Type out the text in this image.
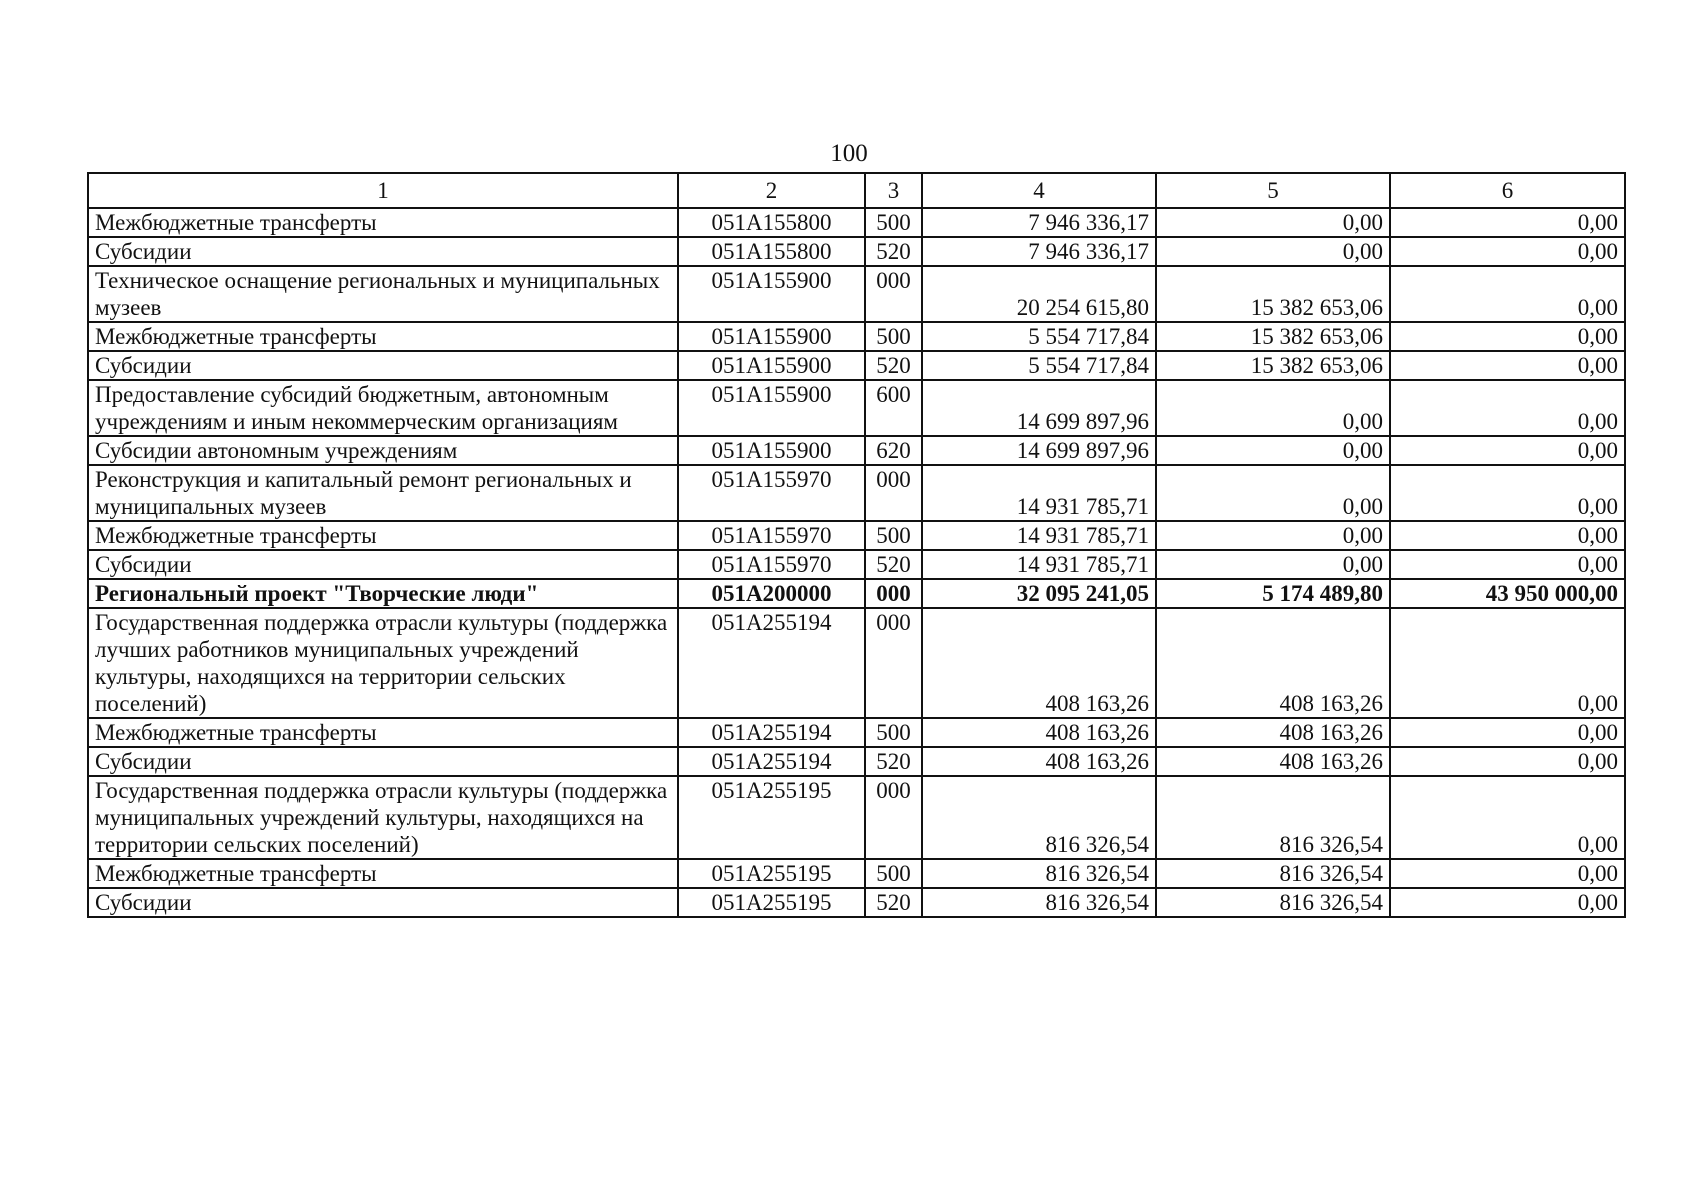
100
1	2	3	4	5	6
Межбюджетные трансферты	051A155800	500	7 946 336,17	0,00	0,00
Субсидии	051A155800	520	7 946 336,17	0,00	0,00
Техническое оснащение региональных и муниципальных музеев	051A155900	000	20 254 615,80	15 382 653,06	0,00
Межбюджетные трансферты	051A155900	500	5 554 717,84	15 382 653,06	0,00
Субсидии	051A155900	520	5 554 717,84	15 382 653,06	0,00
Предоставление субсидий бюджетным, автономным учреждениям и иным некоммерческим организациям	051A155900	600	14 699 897,96	0,00	0,00
Субсидии автономным учреждениям	051A155900	620	14 699 897,96	0,00	0,00
Реконструкция и капитальный ремонт региональных и муниципальных музеев	051A155970	000	14 931 785,71	0,00	0,00
Межбюджетные трансферты	051A155970	500	14 931 785,71	0,00	0,00
Субсидии	051A155970	520	14 931 785,71	0,00	0,00
Региональный проект "Творческие люди"	051A200000	000	32 095 241,05	5 174 489,80	43 950 000,00
Государственная поддержка отрасли культуры (поддержка лучших работников муниципальных учреждений культуры, находящихся на территории сельских поселений)	051A255194	000	408 163,26	408 163,26	0,00
Межбюджетные трансферты	051A255194	500	408 163,26	408 163,26	0,00
Субсидии	051A255194	520	408 163,26	408 163,26	0,00
Государственная поддержка отрасли культуры (поддержка муниципальных учреждений культуры, находящихся на территории сельских поселений)	051A255195	000	816 326,54	816 326,54	0,00
Межбюджетные трансферты	051A255195	500	816 326,54	816 326,54	0,00
Субсидии	051A255195	520	816 326,54	816 326,54	0,00
